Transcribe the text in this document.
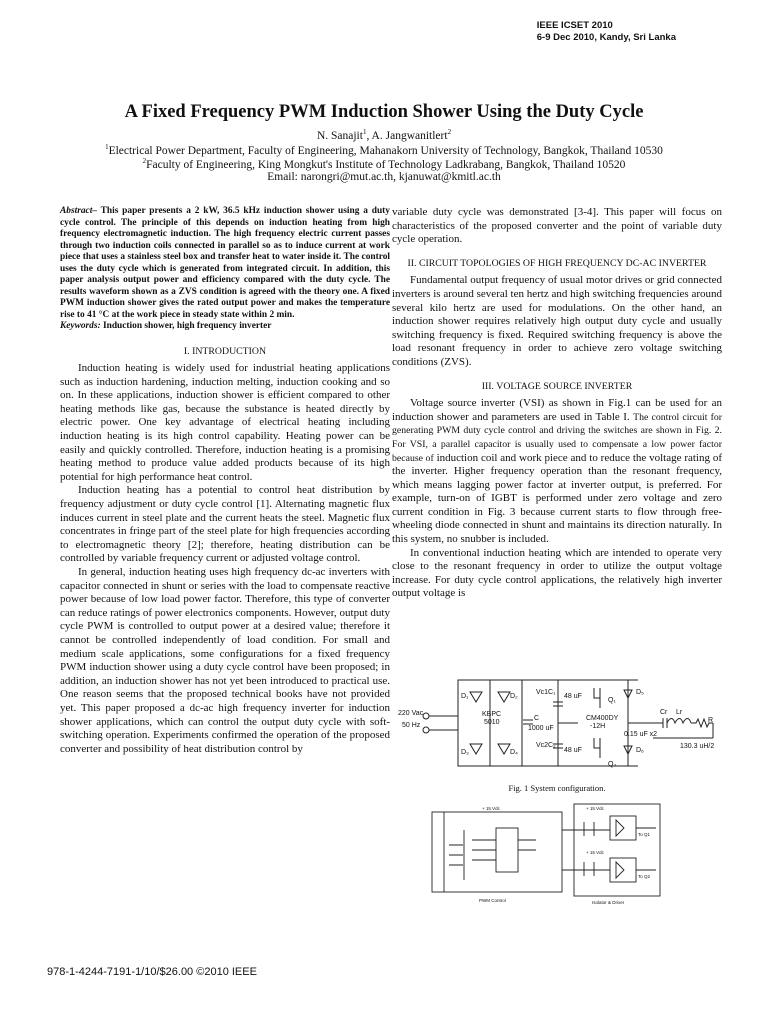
IEEE ICSET 2010
6-9 Dec 2010, Kandy, Sri Lanka
A Fixed Frequency PWM Induction Shower Using the Duty Cycle
N. Sanajit$^1$, A. Jangwanitlert$^2$
$^1$Electrical Power Department, Faculty of Engineering, Mahanakorn University of Technology, Bangkok, Thailand 10530
$^2$Faculty of Engineering, King Mongkut's Institute of Technology Ladkrabang, Bangkok, Thailand 10520
Email: narongri@mut.ac.th, kjanuwat@kmitl.ac.th

Abstract– This paper presents a 2 kW, 36.5 kHz induction shower using a duty cycle control. The principle of this depends on induction heating from high frequency electromagnetic induction. The high frequency electric current passes through two induction coils connected in parallel so as to induce current at work piece that uses a stainless steel box and transfer heat to water inside it. The control uses the duty cycle which is generated from integrated circuit. In addition, this paper analysis output power and efficiency compared with the duty cycle. The results waveform shown as a ZVS condition is agreed with the theory one. A fixed PWM induction shower gives the rated output power and makes the temperature rise to 41 °C at the work piece in steady state within 2 min.

Keywords: Induction shower, high frequency inverter

I. INTRODUCTION

Induction heating is widely used for industrial heating applications such as induction hardening, induction melting, induction cooking and so on. In these applications, induction shower is efficient compared to other heating methods like gas, because the substance is heated directly by electric power. One key advantage of electrical heating including induction heating is its high control capability. Heating power can be easily and quickly controlled. Therefore, induction heating is a promising heating method to produce value added products because of its high potential for high performance heat control.

Induction heating has a potential to control heat distribution by frequency adjustment or duty cycle control [1]. Alternating magnetic flux induces current in steel plate and the current heats the steel. Magnetic flux concentrates in fringe part of the steel plate for high frequencies according to electromagnetic theory [2]; therefore, heating distribution can be controlled by variable frequency current or adjusted voltage control.

In general, induction heating uses high frequency dc-ac inverters with capacitor connected in shunt or series with the load to compensate reactive power because of low load power factor. Therefore, this type of converter can reduce ratings of power electronics components. However, output duty cycle PWM is controlled to output power at a desired value; therefore it cannot be controlled independently of load condition. For small and medium scale applications, some configurations for a fixed frequency PWM induction shower using a duty cycle control have been proposed; in addition, an induction shower has not yet been introduced to practical use. One reason seems that the proposed technical books have not provided yet. This paper proposed a dc-ac high frequency inverter for induction shower applications, which can control the output duty cycle with soft-switching operation. Experiments confirmed the operation of the proposed converter and possibility of heat distribution control by

variable duty cycle was demonstrated [3-4]. This paper will focus on characteristics of the proposed converter and the point of variable duty cycle operation.

II. CIRCUIT TOPOLOGIES OF HIGH FREQUENCY DC-AC INVERTER

Fundamental output frequency of usual motor drives or grid connected inverters is around several ten hertz and high switching frequencies around several kilo hertz are used for modulations. On the other hand, an induction shower requires relatively high output duty cycle and usually switching frequency is fixed. Required switching frequency is above the load resonant frequency in order to achieve zero voltage switching conditions (ZVS).

III. VOLTAGE SOURCE INVERTER

Voltage source inverter (VSI) as shown in Fig.1 can be used for an induction shower and parameters are used in Table I. The control circuit for generating PWM duty cycle control and driving the switches are shown in Fig. 2. For VSI, a parallel capacitor is usually used to compensate a low power factor because of induction coil and work piece and to reduce the voltage rating of the inverter. Higher frequency operation than the resonant frequency, which means lagging power factor at inverter output, is preferred. For example, turn-on of IGBT is performed under zero voltage and zero current condition in Fig. 3 because current starts to flow through free-wheeling diode connected in shunt and maintains its direction naturally. In this system, no snubber is included.

In conventional induction heating which are intended to operate very close to the resonant frequency in order to utilize the output voltage increase. For duty cycle control applications, the relatively high inverter output voltage is

220 Vac
50 Hz
D₁	D₂
D₃	D₄
KBPC
5010
Vc1 C₁
48 uF
Vc2 C₂
48 uF
C
1000 uF
Q₁
Q₂
D₅
D₆
CM400DY
-12H
Cr Lr
R
0.15 uF x2
130.3 uH/2
Fig. 1 System configuration.
+ 15 Vdc	+ 15 Vdc
+ 15 Vdc
To Q1
To Q2
PWM Control	Isolator & Driver
978-1-4244-7191-1/10/$26.00 ©2010 IEEE
